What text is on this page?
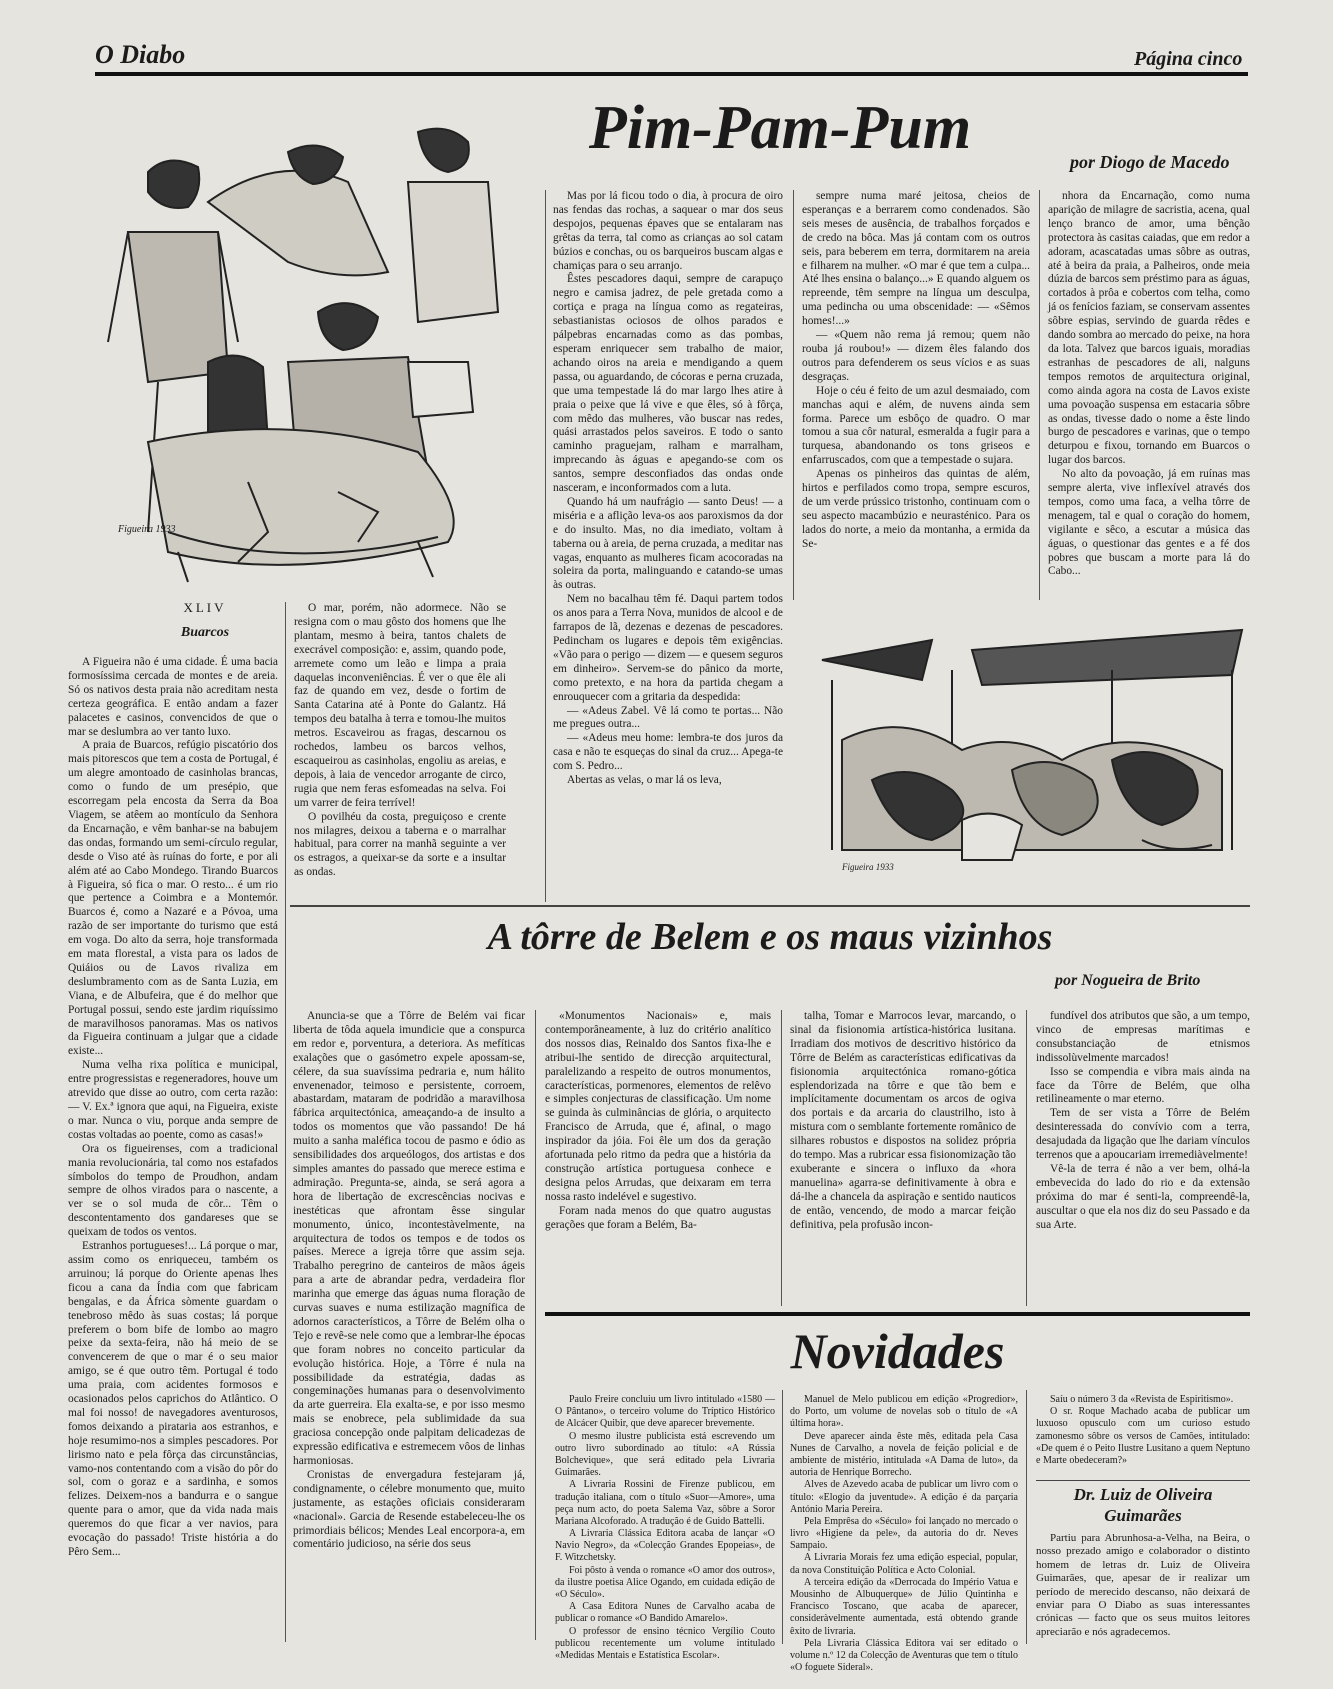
O Diabo	Página cinco
Figueira 1933
Pim-Pam-Pum	por Diogo de Macedo
XLIV
Buarcos

A Figueira não é uma cidade. É uma bacia formosíssima cercada de montes e de areia. Só os nativos desta praia não acreditam nesta certeza geográfica. E então andam a fazer palacetes e casinos, convencidos de que o mar se deslumbra ao ver tanto luxo.

A praia de Buarcos, refúgio piscatório dos mais pitorescos que tem a costa de Portugal, é um alegre amontoado de casinholas brancas, como o fundo de um presépio, que escorregam pela encosta da Serra da Boa Viagem, se atêem ao montículo da Senhora da Encarnação, e vêm banhar-se na babujem das ondas, formando um semi-círculo regular, desde o Viso até às ruínas do forte, e por ali além até ao Cabo Mondego. Tirando Buarcos à Figueira, só fica o mar. O resto... é um rio que pertence a Coimbra e a Montemór. Buarcos é, como a Nazaré e a Póvoa, uma razão de ser importante do turismo que está em voga. Do alto da serra, hoje transformada em mata florestal, a vista para os lados de Quiáios ou de Lavos rivaliza em deslumbramento com as de Santa Luzia, em Viana, e de Albufeira, que é do melhor que Portugal possui, sendo este jardim riquíssimo de maravilhosos panoramas. Mas os nativos da Figueira continuam a julgar que a cidade existe...

Numa velha rixa política e municipal, entre progressistas e regeneradores, houve um atrevido que disse ao outro, com certa razão: — V. Ex.ª ignora que aqui, na Figueira, existe o mar. Nunca o viu, porque anda sempre de costas voltadas ao poente, como as casas!»

Ora os figueirenses, com a tradicional mania revolucionária, tal como nos estafados símbolos do tempo de Proudhon, andam sempre de olhos virados para o nascente, a ver se o sol muda de côr... Têm o descontentamento dos gandareses que se queixam de todos os ventos.

Estranhos portugueses!... Lá porque o mar, assim como os enriqueceu, também os arruinou; lá porque do Oriente apenas lhes ficou a cana da Índia com que fabricam bengalas, e da África sòmente guardam o tenebroso mêdo às suas costas; lá porque preferem o bom bife de lombo ao magro peixe da sexta-feira, não há meio de se convencerem de que o mar é o seu maior amigo, se é que outro têm. Portugal é todo uma praia, com acidentes formosos e ocasionados pelos caprichos do Atlântico. O mal foi nosso! de navegadores aventurosos, fomos deixando a pirataria aos estranhos, e hoje resumimo-nos a simples pescadores. Por lirismo nato e pela fôrça das circunstâncias, vamo-nos contentando com a visão do pôr do sol, com o goraz e a sardinha, e somos felizes. Deixem-nos a bandurra e o sangue quente para o amor, que da vida nada mais queremos do que ficar a ver navios, para evocação do passado! Triste história a do Pêro Sem...

O mar, porém, não adormece. Não se resigna com o mau gôsto dos homens que lhe plantam, mesmo à beira, tantos chalets de execrável composição: e, assim, quando pode, arremete como um leão e limpa a praia daquelas inconveniências. É ver o que êle ali faz de quando em vez, desde o fortim de Santa Catarina até à Ponte do Galantz. Há tempos deu batalha à terra e tomou-lhe muitos metros. Escaveirou as fragas, descarnou os rochedos, lambeu os barcos velhos, escaqueirou as casinholas, engoliu as areias, e depois, à laia de vencedor arrogante de circo, rugia que nem feras esfomeadas na selva. Foi um varrer de feira terrível!

O povilhéu da costa, preguiçoso e crente nos milagres, deixou a taberna e o marralhar habitual, para correr na manhã seguinte a ver os estragos, a queixar-se da sorte e a insultar as ondas.

Mas por lá ficou todo o dia, à procura de oiro nas fendas das rochas, a saquear o mar dos seus despojos, pequenas épaves que se entalaram nas grêtas da terra, tal como as crianças ao sol catam búzios e conchas, ou os barqueiros buscam algas e chamiças para o seu arranjo.

Êstes pescadores daqui, sempre de carapuço negro e camisa jadrez, de pele gretada como a cortiça e praga na língua como as regateiras, sebastianistas ociosos de olhos parados e pálpebras encarnadas como as das pombas, esperam enriquecer sem trabalho de maior, achando oiros na areia e mendigando a quem passa, ou aguardando, de cócoras e perna cruzada, que uma tempestade lá do mar largo lhes atire à praia o peixe que lá vive e que êles, só à fôrça, com mêdo das mulheres, vão buscar nas redes, quási arrastados pelos saveiros. E todo o santo caminho praguejam, ralham e marralham, imprecando às águas e apegando-se com os santos, sempre desconfiados das ondas onde nasceram, e inconformados com a luta.

Quando há um naufrágio — santo Deus! — a miséria e a aflição leva-os aos paroxismos da dor e do insulto. Mas, no dia imediato, voltam à taberna ou à areia, de perna cruzada, a meditar nas vagas, enquanto as mulheres ficam acocoradas na soleira da porta, malinguando e catando-se umas às outras.

Nem no bacalhau têm fé. Daqui partem todos os anos para a Terra Nova, munidos de alcool e de farrapos de lã, dezenas e dezenas de pescadores. Pedincham os lugares e depois têm exigências. «Vão para o perigo — dizem — e quesem seguros em dinheiro». Servem-se do pânico da morte, como pretexto, e na hora da partida chegam a enrouquecer com a gritaria da despedida:

— «Adeus Zabel. Vê lá como te portas... Não me pregues outra...

— «Adeus meu home: lembra-te dos juros da casa e não te esqueças do sinal da cruz... Apega-te com S. Pedro...

Abertas as velas, o mar lá os leva,

sempre numa maré jeitosa, cheios de esperanças e a berrarem como condenados. São seis meses de ausência, de trabalhos forçados e de credo na bôca. Mas já contam com os outros seis, para beberem em terra, dormitarem na areia e filharem na mulher. «O mar é que tem a culpa... Até lhes ensina o balanço...» E quando alguem os repreende, têm sempre na língua um desculpa, uma pedincha ou uma obscenidade: — «Sêmos homes!...»

— «Quem não rema já remou; quem não rouba já roubou!» — dizem êles falando dos outros para defenderem os seus vícios e as suas desgraças.

Hoje o céu é feito de um azul desmaiado, com manchas aqui e além, de nuvens ainda sem forma. Parece um esbôço de quadro. O mar tomou a sua côr natural, esmeralda a fugir para a turquesa, abandonando os tons griseos e enfarruscados, com que a tempestade o sujara.

Apenas os pinheiros das quintas de além, hirtos e perfilados como tropa, sempre escuros, de um verde prússico tristonho, continuam com o seu aspecto macambúzio e neurasténico. Para os lados do norte, a meio da montanha, a ermida da Se-

nhora da Encarnação, como numa aparição de milagre de sacristia, acena, qual lenço branco de amor, uma bênção protectora às casitas caiadas, que em redor a adoram, acascatadas umas sôbre as outras, até à beira da praia, a Palheiros, onde meia dúzia de barcos sem préstimo para as águas, cortados à prôa e cobertos com telha, como já os fenícios faziam, se conservam assentes sôbre espias, servindo de guarda rêdes e dando sombra ao mercado do peixe, na hora da lota. Talvez que barcos iguais, moradias estranhas de pescadores de ali, nalguns tempos remotos de arquitectura original, como ainda agora na costa de Lavos existe uma povoação suspensa em estacaria sôbre as ondas, tivesse dado o nome a êste lindo burgo de pescadores e varinas, que o tempo deturpou e fixou, tornando em Buarcos o lugar dos barcos.

No alto da povoação, já em ruínas mas sempre alerta, vive inflexível através dos tempos, como uma faca, a velha tôrre de menagem, tal e qual o coração do homem, vigilante e sêco, a escutar a música das águas, o questionar das gentes e a fé dos pobres que buscam a morte para lá do Cabo...

Figueira 1933
A tôrre de Belem e os maus vizinhos
por Nogueira de Brito

Anuncia-se que a Tôrre de Belém vai ficar liberta de tôda aquela imundicie que a conspurca em redor e, porventura, a deteriora. As mefíticas exalações que o gasómetro expele apossam-se, célere, da sua suavíssima pedraria e, num hálito envenenador, teimoso e persistente, corroem, abastardam, mataram de podridão a maravilhosa fábrica arquitectónica, ameaçando-a de insulto a todos os momentos que vão passando! De há muito a sanha maléfica tocou de pasmo e ódio as sensibilidades dos arqueólogos, dos artistas e dos simples amantes do passado que merece estima e admiração. Pregunta-se, ainda, se será agora a hora de libertação de excrescências nocivas e inestéticas que afrontam êsse singular monumento, único, incontestàvelmente, na arquitectura de todos os tempos e de todos os países. Merece a igreja tôrre que assim seja. Trabalho peregrino de canteiros de mãos ágeis para a arte de abrandar pedra, verdadeira flor marinha que emerge das águas numa floração de curvas suaves e numa estilização magnífica de adornos característicos, a Tôrre de Belém olha o Tejo e revê-se nele como que a lembrar-lhe épocas que foram nobres no conceito particular da evolução histórica. Hoje, a Tôrre é nula na possibilidade da estratégia, dadas as congeminações humanas para o desenvolvimento da arte guerreira. Ela exalta-se, e por isso mesmo mais se enobrece, pela sublimidade da sua graciosa concepção onde palpitam delicadezas de expressão edificativa e estremecem vôos de linhas harmoniosas.

Cronistas de envergadura festejaram já, condignamente, o célebre monumento que, muito justamente, as estações oficiais consideraram «nacional». Garcia de Resende estabeleceu-lhe os primordiais bélicos; Mendes Leal encorpora-a, em comentário judicioso, na série dos seus

«Monumentos Nacionais» e, mais contemporâneamente, à luz do critério analítico dos nossos dias, Reinaldo dos Santos fixa-lhe e atribui-lhe sentido de direcção arquitectural, paralelizando a respeito de outros monumentos, características, pormenores, elementos de relêvo e simples conjecturas de classificação. Um nome se guinda às culminâncias de glória, o arquitecto Francisco de Arruda, que é, afinal, o mago inspirador da jóia. Foi êle um dos da geração afortunada pelo ritmo da pedra que a história da construção artística portuguesa conhece e designa pelos Arrudas, que deixaram em terra nossa rasto indelével e sugestivo.

Foram nada menos do que quatro augustas gerações que foram a Belém, Ba-

talha, Tomar e Marrocos levar, marcando, o sinal da fisionomia artística-histórica lusitana. Irradiam dos motivos de descritivo histórico da Tôrre de Belém as características edificativas da fisionomia arquitectónica romano-gótica esplendorizada na tôrre e que tão bem e implícitamente documentam os arcos de ogiva dos portais e da arcaria do claustrilho, isto à mistura com o semblante fortemente românico de silhares robustos e dispostos na solidez própria do tempo. Mas a rubricar essa fisionomização tão exuberante e sincera o influxo da «hora manuelina» agarra-se definitivamente à obra e dá-lhe a chancela da aspiração e sentido nauticos de então, vencendo, de modo a marcar feição definitiva, pela profusão incon-

fundível dos atributos que são, a um tempo, vinco de empresas marítimas e consubstanciação de etnismos indissolùvelmente marcados!

Isso se compendia e vibra mais ainda na face da Tôrre de Belém, que olha retilìneamente o mar eterno.

Tem de ser vista a Tôrre de Belém desinteressada do convívio com a terra, desajudada da ligação que lhe dariam vínculos terrenos que a apoucariam irremediàvelmente!

Vê-la de terra é não a ver bem, olhá-la embevecida do lado do rio e da extensão próxima do mar é senti-la, compreendê-la, auscultar o que ela nos diz do seu Passado e da sua Arte.

Novidades

Paulo Freire concluiu um livro intitulado «1580 — O Pântano», o terceiro volume do Tríptico Histórico de Alcácer Quibir, que deve aparecer brevemente.

O mesmo ilustre publicista está escrevendo um outro livro subordinado ao título: «A Rússia Bolchevique», que será editado pela Livraria Guimarães.

A Livraria Rossini de Firenze publicou, em tradução italiana, com o título «Suor—Amore», uma peça num acto, do poeta Salema Vaz, sôbre a Soror Mariana Alcoforado. A tradução é de Guido Battelli.

A Livraria Clássica Editora acaba de lançar «O Navio Negro», da «Colecção Grandes Epopeias», de F. Witzchetsky.

Foi pôsto à venda o romance «O amor dos outros», da ilustre poetisa Alice Ogando, em cuidada edição de «O Século».

A Casa Editora Nunes de Carvalho acaba de publicar o romance «O Bandido Amarelo».

O professor de ensino técnico Vergílio Couto publicou recentemente um volume intitulado «Medidas Mentais e Estatística Escolar».

Manuel de Melo publicou em edição «Progredior», do Porto, um volume de novelas sob o título de «A última hora».

Deve aparecer ainda êste mês, editada pela Casa Nunes de Carvalho, a novela de feição policial e de ambiente de mistério, intitulada «A Dama de luto», da autoria de Henrique Borrecho.

Alves de Azevedo acaba de publicar um livro com o título: «Elogio da juventude». A edição é da parçaria António Maria Pereira.

Pela Emprêsa do «Século» foi lançado no mercado o livro «Higiene da pele», da autoria do dr. Neves Sampaio.

A Livraria Morais fez uma edição especial, popular, da nova Constituição Política e Acto Colonial.

A terceira edição da «Derrocada do Império Vatua e Mousinho de Albuquerque» de Júlio Quintinha e Francisco Toscano, que acaba de aparecer, consideràvelmente aumentada, está obtendo grande êxito de livraria.

Pela Livraria Clássica Editora vai ser editado o volume n.º 12 da Colecção de Aventuras que tem o título «O foguete Sideral».

Saíu o número 3 da «Revista de Espiritismo».

O sr. Roque Machado acaba de publicar um luxuoso opusculo com um curioso estudo zamonesmo sôbre os versos de Camões, intitulado: «De quem é o Peito Ilustre Lusitano a quem Neptuno e Marte obedeceram?»

Dr. Luiz de Oliveira Guimarães

Partiu para Abrunhosa-a-Velha, na Beira, o nosso prezado amigo e colaborador o distinto homem de letras dr. Luiz de Oliveira Guimarães, que, apesar de ir realizar um período de merecido descanso, não deixará de enviar para O Diabo as suas interessantes crónicas — facto que os seus muitos leitores apreciarão e nós agradecemos.
